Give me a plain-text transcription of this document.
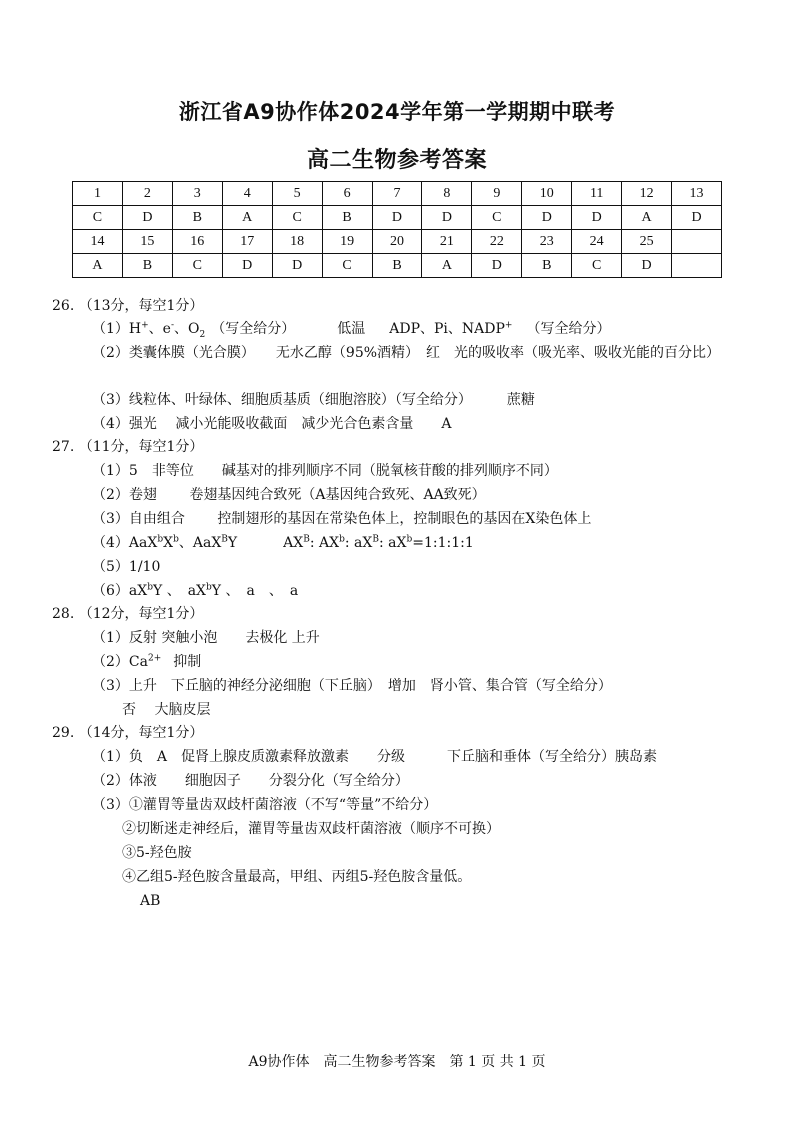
浙江省A9协作体2024学年第一学期期中联考
高二生物参考答案
1	2	3	4	5	6	7	8	9	10	11	12	13
C	D	B	A	C	B	D	D	C	D	D	A	D
14	15	16	17	18	19	20	21	22	23	24	25	
A	B	C	D	D	C	B	A	D	B	C	D	
26. （13分，每空1分）
（1）H+、e-、$O_2$ （写全给分）	低温 ADP、Pi、NADP+ （写全给分）
（2）类囊体膜（光合膜）　　无水乙醇（95%酒精）　红　光的吸收率（吸光率、吸收光能的百分比）
（3）线粒体、叶绿体、细胞质基质（细胞溶胶）（写全给分）　　　蔗糖
（4）强光　 减小光能吸收截面　减少光合色素含量　　A
27. （11分，每空1分）
（1）5　非等位　　碱基对的排列顺序不同（脱氧核苷酸的排列顺序不同）
（2）卷翅　　 卷翅基因纯合致死（A基因纯合致死、AA致死）
（3）自由组合　　 控制翅形的基因在常染色体上，控制眼色的基因在X染色体上
$(4)AaX^bX^b$、AaX$^B$Y	$AX^B$: $AX^b$: $aX^B$: $aX^b=1:1:1:1$
（5）1/10
$(6)aX^bY$ 、　$aX^bY$ 、　a　、　a
28. （12分，每空1分）
（1）反射 突触小泡　　去极化 上升
$(2)Ca^{2+}$ 抑制
（3）上升　下丘脑的神经分泌细胞（下丘脑）　增加　肾小管、集合管（写全给分）
否　 大脑皮层
29. （14分，每空1分）
（1）负　A　促肾上腺皮质激素释放激素　　分级　　　下丘脑和垂体（写全给分）胰岛素
（2）体液　　细胞因子　　分裂分化（写全给分）
（3）①灌胃等量齿双歧杆菌溶液（不写“等量”不给分）
②切断迷走神经后，灌胃等量齿双歧杆菌溶液（顺序不可换）
③5-羟色胺
④乙组5-羟色胺含量最高，甲组、丙组5-羟色胺含量低。
AB
A9协作体　高二生物参考答案　第 1 页 共 1 页
